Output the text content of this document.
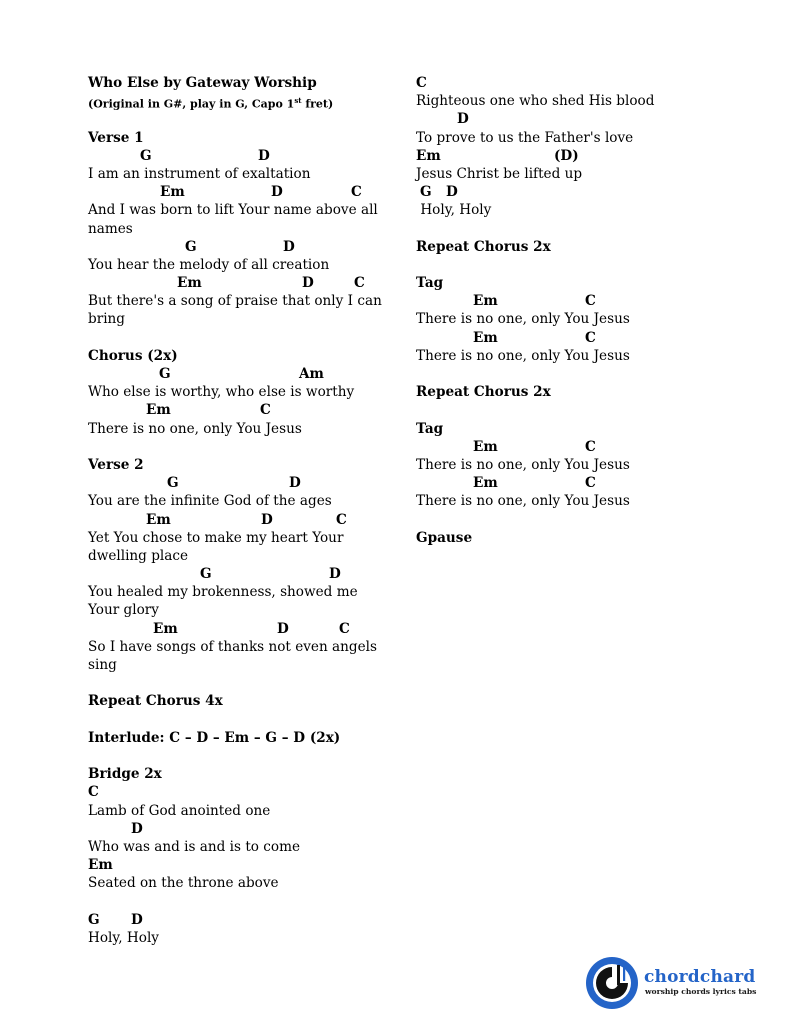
Who Else by Gateway Worship
(Original in G#, play in G, Capo 1st fret)
Verse 1
G	D
I am an instrument of exaltation
Em	D	C
And I was born to lift Your name above all
names
G	D
You hear the melody of all creation
Em	D	C
But there's a song of praise that only I can
bring
Chorus (2x)
G	Am
Who else is worthy, who else is worthy
Em	C
There is no one, only You Jesus
Verse 2
G	D
You are the infinite God of the ages
Em	D	C
Yet You chose to make my heart Your
dwelling place
G	D
You healed my brokenness, showed me
Your glory
Em	D	C
So I have songs of thanks not even angels
sing
Repeat Chorus 4x
Interlude: C – D – Em – G – D (2x)
Bridge 2x
C
Lamb of God anointed one
D
Who was and is and is to come
Em
Seated on the throne above
G D
Holy, Holy
C
Righteous one who shed His blood
D
To prove to us the Father's love
Em	(D)
Jesus Christ be lifted up
G D
Holy, Holy
Repeat Chorus 2x
Tag
Em	C
There is no one, only You Jesus
Em	C
There is no one, only You Jesus
Repeat Chorus 2x
Tag
Em	C
There is no one, only You Jesus
Em	C
There is no one, only You Jesus
Gpause
chordchard
worship chords lyrics tabs
